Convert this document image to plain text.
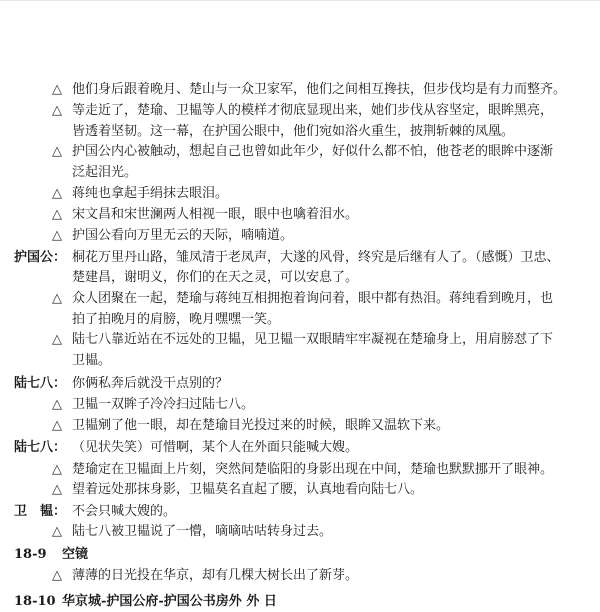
△ 他们身后跟着晚月、楚山与一众卫家军，他们之间相互搀扶，但步伐均是有力而整齐。
△ 等走近了，楚瑜、卫韫等人的模样才彻底显现出来，她们步伐从容坚定，眼眸黑亮，
皆透着坚韧。这一幕，在护国公眼中，他们宛如浴火重生，披荆斩棘的凤凰。
△ 护国公内心被触动，想起自己也曾如此年少，好似什么都不怕，他苍老的眼眸中逐渐
泛起泪光。
△ 蒋纯也拿起手绢抹去眼泪。
△ 宋文昌和宋世澜两人相视一眼，眼中也噙着泪水。
△ 护国公看向万里无云的天际，喃喃道。
护国公： 桐花万里丹山路，雏凤清于老凤声，大遂的风骨，终究是后继有人了。（感慨）卫忠、
楚建昌，谢明义，你们的在天之灵，可以安息了。
△ 众人团聚在一起，楚瑜与蒋纯互相拥抱着询问着，眼中都有热泪。蒋纯看到晚月，也
拍了拍晚月的肩膀，晚月嘿嘿一笑。
△ 陆七八靠近站在不远处的卫韫，见卫韫一双眼睛牢牢凝视在楚瑜身上，用肩膀怼了下
卫韫。
陆七八： 你俩私奔后就没干点别的？
△ 卫韫一双眸子冷冷扫过陆七八。
△ 卫韫剜了他一眼，却在楚瑜目光投过来的时候，眼眸又温软下来。
陆七八： （见状失笑）可惜啊，某个人在外面只能喊大嫂。
△ 楚瑜定在卫韫面上片刻，突然间楚临阳的身影出现在中间，楚瑜也默默挪开了眼神。
△ 望着远处那抹身影，卫韫莫名直起了腰，认真地看向陆七八。
卫　韫： 不会只喊大嫂的。
△ 陆七八被卫韫说了一懵，嘀嘀咕咕转身过去。
18-9 空镜
△ 薄薄的日光投在华京，却有几棵大树长出了新芽。
18-10 华京城-护国公府-护国公书房外 外 日
